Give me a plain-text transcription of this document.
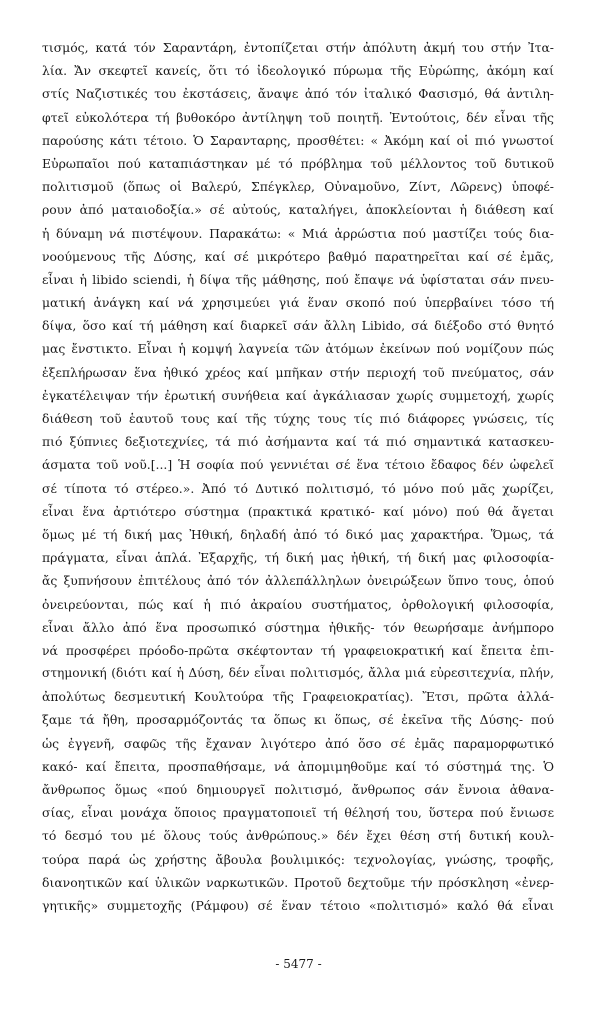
τισμός, κατά τόν Σαραντάρη, ἐντοπίζεται στήν ἀπόλυτη ἀκμή του στήν Ἰτα-
λία. Ἄν σκεφτεῖ κανείς, ὅτι τό ἰδεολογικό πύρωμα τῆς Εὐρώπης, ἀκόμη καί
στίς Ναζιστικές του ἐκστάσεις, ἄναψε ἀπό τόν ἰταλικό Φασισμό, θά ἀντιλη-
φτεῖ εὐκολότερα τή βυθοκόρο ἀντίληψη τοῦ ποιητῆ. Ἐντούτοις, δέν εἶναι τῆς
παρούσης κάτι τέτοιο. Ὁ Σαρανταρης, προσθέτει: « Ἀκόμη καί οἱ πιό γνωστοί
Εὐρωπαῖοι πού καταπιάστηκαν μέ τό πρόβλημα τοῦ μέλλοντος τοῦ δυτικοῦ
πολιτισμοῦ (ὅπως οἱ Βαλερύ, Σπέγκλερ, Οὐναμοῦνο, Ζίντ, Λῶρενς) ὑποφέ-
ρουν ἀπό ματαιοδοξία.» σέ αὐτούς, καταλήγει, ἀποκλείονται ἡ διάθεση καί
ἡ δύναμη νά πιστέψουν. Παρακάτω: « Μιά ἀρρώστια πού μαστίζει τούς δια-
νοούμενους τῆς Δύσης, καί σέ μικρότερο βαθμό παρατηρεῖται καί σέ ἐμᾶς,
εἶναι ἡ libido sciendi, ἡ δίψα τῆς μάθησης, πού ἔπαψε νά ὑφίσταται σάν πνευ-
ματική ἀνάγκη καί νά χρησιμεύει γιά ἕναν σκοπό πού ὑπερβαίνει τόσο τή
δίψα, ὅσο καί τή μάθηση καί διαρκεῖ σάν ἄλλη Libido, σά διέξοδο στό θνητό
μας ἔνστικτο. Εἶναι ἡ κομψή λαγνεία τῶν ἀτόμων ἐκείνων πού νομίζουν πώς
ἐξεπλήρωσαν ἕνα ἠθικό χρέος καί μπῆκαν στήν περιοχή τοῦ πνεύματος, σάν
ἐγκατέλειψαν τήν ἐρωτική συνήθεια καί ἀγκάλιασαν χωρίς συμμετοχή, χωρίς
διάθεση τοῦ ἑαυτοῦ τους καί τῆς τύχης τους τίς πιό διάφορες γνώσεις, τίς
πιό ξύπνιες δεξιοτεχνίες, τά πιό ἀσήμαντα καί τά πιό σημαντικά κατασκευ-
άσματα τοῦ νοῦ.[...] Ἡ σοφία πού γεννιέται σέ ἕνα τέτοιο ἔδαφος δέν ὠφελεῖ
σέ τίποτα τό στέρεο.». Ἀπό τό Δυτικό πολιτισμό, τό μόνο πού μᾶς χωρίζει,
εἶναι ἕνα ἀρτιότερο σύστημα (πρακτικά κρατικό- καί μόνο) πού θά ἄγεται
ὅμως μέ τή δική μας Ἠθική, δηλαδή ἀπό τό δικό μας χαρακτήρα. Ὅμως, τά
πράγματα, εἶναι ἁπλά. Ἐξαρχῆς, τή δική μας ἠθική, τή δική μας φιλοσοφία-
ἄς ξυπνήσουν ἐπιτέλους ἀπό τόν ἀλλεπάλληλων ὀνειρώξεων ὕπνο τους, ὁπού
ὀνειρεύονται, πώς καί ἡ πιό ἀκραίου συστήματος, ὀρθολογική φιλοσοφία,
εἶναι ἄλλο ἀπό ἕνα προσωπικό σύστημα ἠθικῆς- τόν θεωρήσαμε ἀνήμπορο
νά προσφέρει πρόοδο-πρῶτα σκέφτονταν τή γραφειοκρατική καί ἔπειτα ἐπι-
στημονική (διότι καί ἡ Δύση, δέν εἶναι πολιτισμός, ἄλλα μιά εὐρεσιτεχνία, πλήν,
ἀπολύτως δεσμευτική Κουλτούρα τῆς Γραφειοκρατίας). Ἔτσι, πρῶτα ἀλλά-
ξαμε τά ἤθη, προσαρμόζοντάς τα ὅπως κι ὅπως, σέ ἐκεῖνα τῆς Δύσης- πού
ὡς ἐγγενῆ, σαφῶς τῆς ἔχαναν λιγότερο ἀπό ὅσο σέ ἐμᾶς παραμορφωτικό
κακό- καί ἔπειτα, προσπαθήσαμε, νά ἀπομιμηθοῦμε καί τό σύστημά της. Ὁ
ἄνθρωπος ὅμως «πού δημιουργεῖ πολιτισμό, ἄνθρωπος σάν ἔννοια ἀθανα-
σίας, εἶναι μονάχα ὅποιος πραγματοποιεῖ τή θέλησή του, ὕστερα πού ἔνιωσε
τό δεσμό του μέ ὅλους τούς ἀνθρώπους.» δέν ἔχει θέση στή δυτική κουλ-
τούρα παρά ὡς χρήστης ἄβουλα βουλιμικός: τεχνολογίας, γνώσης, τροφῆς,
διανοητικῶν καί ὑλικῶν ναρκωτικῶν. Προτοῦ δεχτοῦμε τήν πρόσκληση «ἐνερ-
γητικῆς» συμμετοχῆς (Ράμφου) σέ ἕναν τέτοιο «πολιτισμό» καλό θά εἶναι
- 5477 -
